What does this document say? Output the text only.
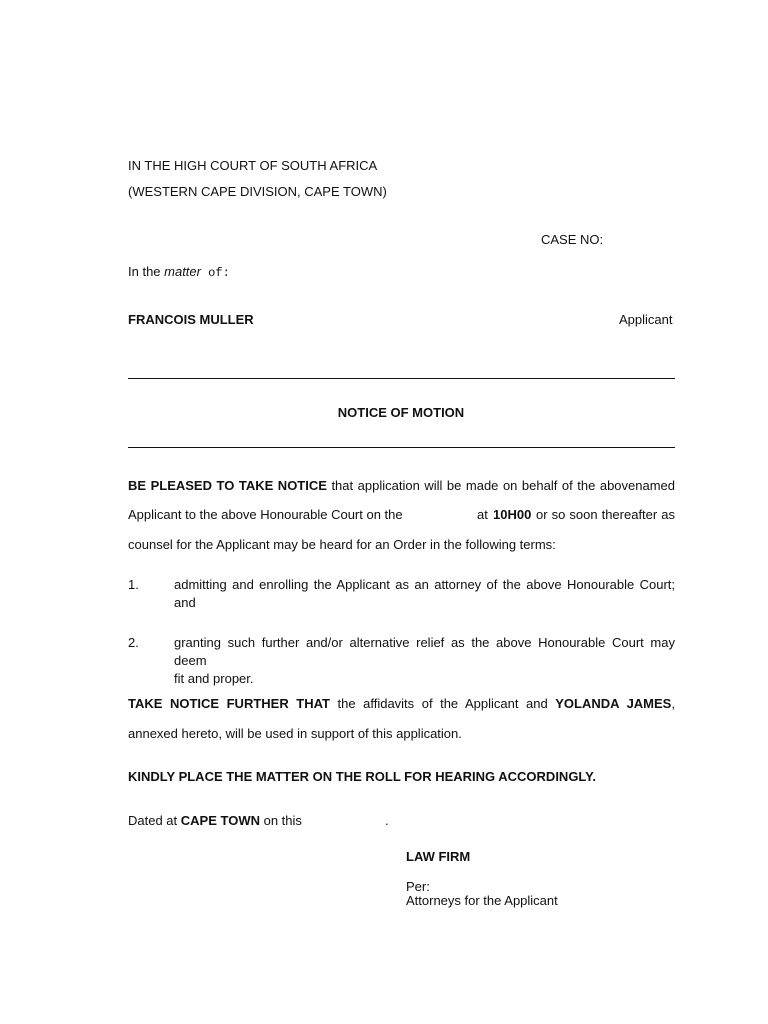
IN THE HIGH COURT OF SOUTH AFRICA
(WESTERN CAPE DIVISION, CAPE TOWN)
CASE NO:
In the matter of:
FRANCOIS MULLER	Applicant
NOTICE OF MOTION
BE PLEASED TO TAKE NOTICE that application will be made on behalf of the abovenamed
Applicant to the above Honourable Court on the	at 10H00 or so soon thereafter as
counsel for the Applicant may be heard for an Order in the following terms:
1.	admitting and enrolling the Applicant as an attorney of the above Honourable Court;
and
2.	granting such further and/or alternative relief as the above Honourable Court may deem
fit and proper.
TAKE NOTICE FURTHER THAT the affidavits of the Applicant and YOLANDA JAMES,
annexed hereto, will be used in support of this application.
KINDLY PLACE THE MATTER ON THE ROLL FOR HEARING ACCORDINGLY.
Dated at CAPE TOWN on this	.
LAW FIRM
Per:
Attorneys for the Applicant
